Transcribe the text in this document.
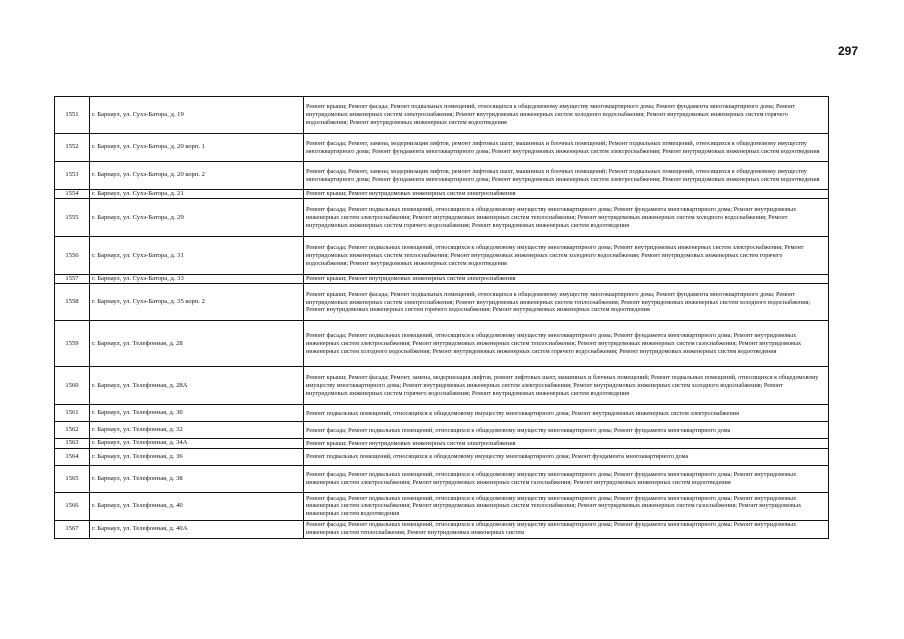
297
1551	г. Барнаул, ул. Сухэ-Батора, д. 19	Ремонт крыши; Ремонт фасада; Ремонт подвальных помещений, относящихся к общедомовому имуществу многоквартирного дома; Ремонт фундамента многоквартирного дома; Ремонт внутридомовых инженерных систем электроснабжения; Ремонт внутридомовых инженерных систем холодного водоснабжения; Ремонт внутридомовых инженерных систем горячего водоснабжения; Ремонт внутридомовых инженерных систем водоотведения
1552	г. Барнаул, ул. Сухэ-Батора, д. 20 корп. 1	Ремонт фасада; Ремонт, замена, модернизация лифтов, ремонт лифтовых шахт, машинных и блочных помещений; Ремонт подвальных помещений, относящихся к общедомовому имуществу многоквартирного дома; Ремонт фундамента многоквартирного дома; Ремонт внутридомовых инженерных систем электроснабжения; Ремонт внутридомовых инженерных систем водоотведения
1553	г. Барнаул, ул. Сухэ-Батора, д. 20 корп. 2	Ремонт фасада; Ремонт, замена, модернизация лифтов, ремонт лифтовых шахт, машинных и блочных помещений; Ремонт подвальных помещений, относящихся к общедомовому имуществу многоквартирного дома; Ремонт фундамента многоквартирного дома; Ремонт внутридомовых инженерных систем электроснабжения; Ремонт внутридомовых инженерных систем водоотведения
1554	г. Барнаул, ул. Сухэ-Батора, д. 21	Ремонт крыши; Ремонт внутридомовых инженерных систем электроснабжения
1555	г. Барнаул, ул. Сухэ-Батора, д. 29	Ремонт фасада; Ремонт подвальных помещений, относящихся к общедомовому имуществу многоквартирного дома; Ремонт фундамента многоквартирного дома; Ремонт внутридомовых инженерных систем электроснабжения; Ремонт внутридомовых инженерных систем теплоснабжения; Ремонт внутридомовых инженерных систем холодного водоснабжения; Ремонт внутридомовых инженерных систем горячего водоснабжения; Ремонт внутридомовых инженерных систем водоотведения
1556	г. Барнаул, ул. Сухэ-Батора, д. 31	Ремонт фасада; Ремонт подвальных помещений, относящихся к общедомовому имуществу многоквартирного дома; Ремонт внутридомовых инженерных систем электроснабжения; Ремонт внутридомовых инженерных систем теплоснабжения; Ремонт внутридомовых инженерных систем холодного водоснабжения; Ремонт внутридомовых инженерных систем горячего водоснабжения; Ремонт внутридомовых инженерных систем водоотведения
1557	г. Барнаул, ул. Сухэ-Батора, д. 33	Ремонт крыши; Ремонт внутридомовых инженерных систем электроснабжения
1558	г. Барнаул, ул. Сухэ-Батора, д. 35 корп. 2	Ремонт крыши; Ремонт фасада; Ремонт подвальных помещений, относящихся к общедомовому имуществу многоквартирного дома; Ремонт фундамента многоквартирного дома; Ремонт внутридомовых инженерных систем электроснабжения; Ремонт внутридомовых инженерных систем теплоснабжения; Ремонт внутридомовых инженерных систем холодного водоснабжения; Ремонт внутридомовых инженерных систем горячего водоснабжения; Ремонт внутридомовых инженерных систем водоотведения
1559	г. Барнаул, ул. Телефонная, д. 28	Ремонт фасада; Ремонт подвальных помещений, относящихся к общедомовому имуществу многоквартирного дома; Ремонт фундамента многоквартирного дома; Ремонт внутридомовых инженерных систем электроснабжения; Ремонт внутридомовых инженерных систем теплоснабжения; Ремонт внутридомовых инженерных систем газоснабжения; Ремонт внутридомовых инженерных систем холодного водоснабжения; Ремонт внутридомовых инженерных систем горячего водоснабжения; Ремонт внутридомовых инженерных систем водоотведения
1560	г. Барнаул, ул. Телефонная, д. 28А	Ремонт крыши; Ремонт фасада; Ремонт, замена, модернизация лифтов, ремонт лифтовых шахт, машинных и блочных помещений; Ремонт подвальных помещений, относящихся к общедомовому имуществу многоквартирного дома; Ремонт внутридомовых инженерных систем электроснабжения; Ремонт внутридомовых инженерных систем холодного водоснабжения; Ремонт внутридомовых инженерных систем горячего водоснабжения; Ремонт внутридомовых инженерных систем водоотведения
1561	г. Барнаул, ул. Телефонная, д. 30	Ремонт подвальных помещений, относящихся к общедомовому имуществу многоквартирного дома; Ремонт внутридомовых инженерных систем электроснабжения
1562	г. Барнаул, ул. Телефонная, д. 32	Ремонт фасада; Ремонт подвальных помещений, относящихся к общедомовому имуществу многоквартирного дома; Ремонт фундамента многоквартирного дома
1563	г. Барнаул, ул. Телефонная, д. 34А	Ремонт крыши; Ремонт внутридомовых инженерных систем электроснабжения
1564	г. Барнаул, ул. Телефонная, д. 36	Ремонт подвальных помещений, относящихся к общедомовому имуществу многоквартирного дома; Ремонт фундамента многоквартирного дома
1565	г. Барнаул, ул. Телефонная, д. 38	Ремонт фасада; Ремонт подвальных помещений, относящихся к общедомовому имуществу многоквартирного дома; Ремонт фундамента многоквартирного дома; Ремонт внутридомовых инженерных систем электроснабжения; Ремонт внутридомовых инженерных систем газоснабжения; Ремонт внутридомовых инженерных систем водоотведения
1566	г. Барнаул, ул. Телефонная, д. 40	Ремонт фасада; Ремонт подвальных помещений, относящихся к общедомовому имуществу многоквартирного дома; Ремонт фундамента многоквартирного дома; Ремонт внутридомовых инженерных систем электроснабжения; Ремонт внутридомовых инженерных систем теплоснабжения; Ремонт внутридомовых инженерных систем газоснабжения; Ремонт внутридомовых инженерных систем водоотведения
1567	г. Барнаул, ул. Телефонная, д. 40А	Ремонт фасада; Ремонт подвальных помещений, относящихся к общедомовому имуществу многоквартирного дома; Ремонт фундамента многоквартирного дома; Ремонт внутридомовых инженерных систем теплоснабжения; Ремонт внутридомовых инженерных систем
